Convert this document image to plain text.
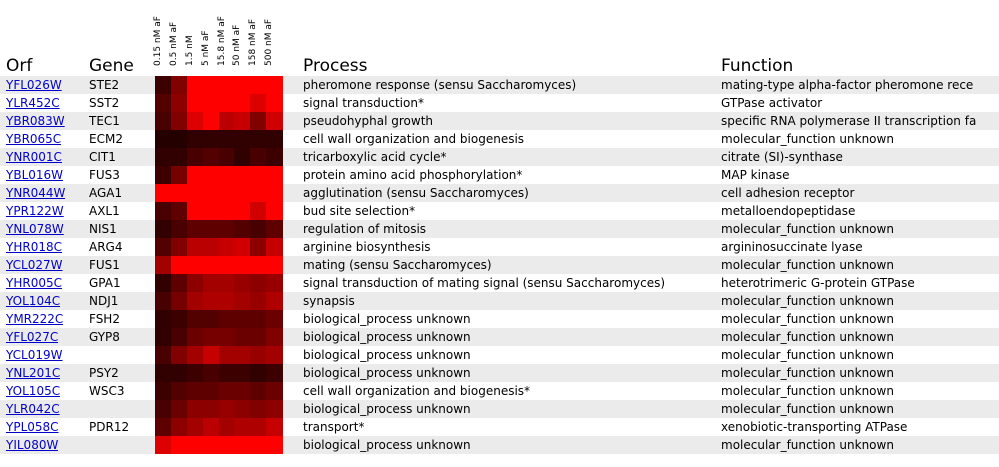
Orf	Gene	Process	Function
0.15 nM aF 0.5 nM aF 1.5 nM 5 nM aF 15.8 nM aF 50 nM aF 158 nM aF 500 nM aF
YFL026W STE2	pheromone response (sensu Saccharomyces)	mating-type alpha-factor pheromone rece
YLR452C SST2	signal transduction*	GTPase activator
YBR083W TEC1	pseudohyphal growth	specific RNA polymerase II transcription fa
YBR065C ECM2	cell wall organization and biogenesis	molecular_function unknown
YNR001C CIT1	tricarboxylic acid cycle*	citrate (SI)-synthase
YBL016W FUS3	protein amino acid phosphorylation*	MAP kinase
YNR044W AGA1	agglutination (sensu Saccharomyces)	cell adhesion receptor
YPR122W AXL1	bud site selection*	metalloendopeptidase
YNL078W NIS1	regulation of mitosis	molecular_function unknown
YHR018C ARG4	arginine biosynthesis	argininosuccinate lyase
YCL027W FUS1	mating (sensu Saccharomyces)	molecular_function unknown
YHR005C GPA1	signal transduction of mating signal (sensu Saccharomyces)	heterotrimeric G-protein GTPase
YOL104C NDJ1	synapsis	molecular_function unknown
YMR222C FSH2	biological_process unknown	molecular_function unknown
YFL027C	GYP8	biological_process unknown	molecular_function unknown
YCL019W	biological_process unknown	molecular_function unknown
YNL201C PSY2	biological_process unknown	molecular_function unknown
YOL105C WSC3	cell wall organization and biogenesis*	molecular_function unknown
YLR042C	biological_process unknown	molecular_function unknown
YPL058C	PDR12	transport*	xenobiotic-transporting ATPase
YIL080W	biological_process unknown	molecular_function unknown
